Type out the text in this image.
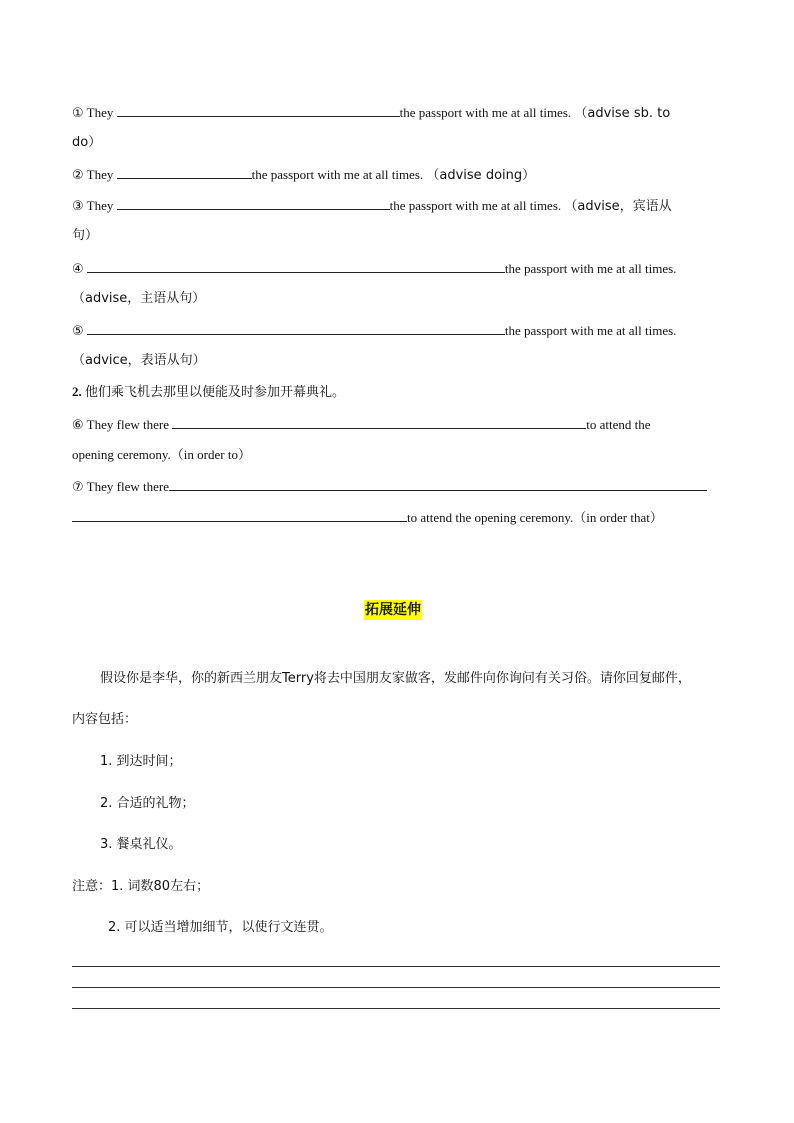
① They	the passport with me at all times. （advise sb. to
do）
② They	the passport with me at all times. （advise doing）
③ They	the passport with me at all times. （advise，宾语从
句）
④	the passport with me at all times.
（advise，主语从句）
⑤	the passport with me at all times.
（advice，表语从句）
2. 他们乘飞机去那里以便能及时参加开幕典礼。
⑥ They flew there	to attend the
opening ceremony.（in order to）
⑦ They flew there
to attend the opening ceremony.（in order that）
拓展延伸
假设你是李华，你的新西兰朋友Terry将去中国朋友家做客，发邮件向你询问有关习俗。请你回复邮件，
内容包括：
1. 到达时间；
2. 合适的礼物；
3. 餐桌礼仪。
注意：1. 词数80左右；
2. 可以适当增加细节，以使行文连贯。
